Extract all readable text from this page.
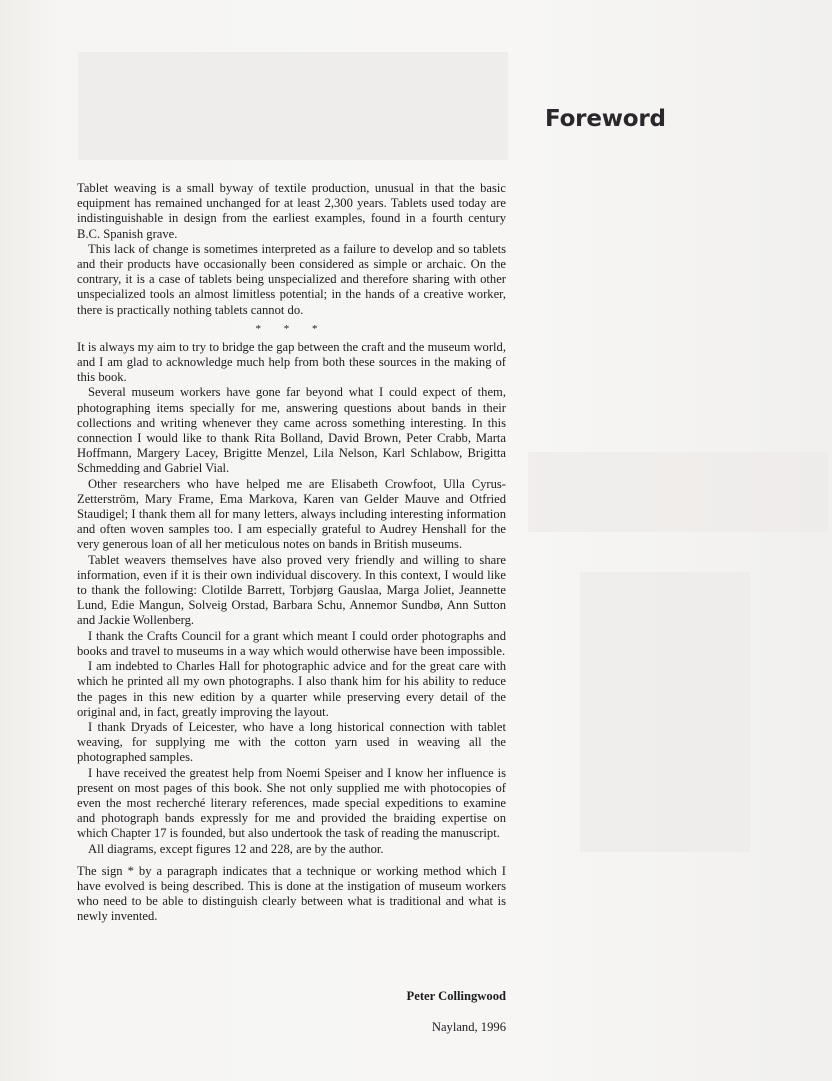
Foreword

Tablet weaving is a small byway of textile production, unusual in that the basic equipment has remained unchanged for at least 2,300 years. Tablets used today are indistinguishable in design from the earliest examples, found in a fourth century B.C. Spanish grave.

This lack of change is sometimes interpreted as a failure to develop and so tablets and their products have occasionally been considered as simple or archaic. On the contrary, it is a case of tablets being unspecialized and therefore sharing with other unspecialized tools an almost limitless potential; in the hands of a creative worker, there is practically nothing tablets cannot do.

* * *

It is always my aim to try to bridge the gap between the craft and the museum world, and I am glad to acknowledge much help from both these sources in the making of this book.

Several museum workers have gone far beyond what I could expect of them, photographing items specially for me, answering questions about bands in their collections and writing whenever they came across something interesting. In this connection I would like to thank Rita Bolland, David Brown, Peter Crabb, Marta Hoffmann, Margery Lacey, Brigitte Menzel, Lila Nelson, Karl Schlabow, Brigitta Schmedding and Gabriel Vial.

Other researchers who have helped me are Elisabeth Crowfoot, Ulla Cyrus-Zetterström, Mary Frame, Ema Markova, Karen van Gelder Mauve and Otfried Staudigel; I thank them all for many letters, always including interesting information and often woven samples too. I am especially grateful to Audrey Henshall for the very generous loan of all her meticulous notes on bands in British museums.

Tablet weavers themselves have also proved very friendly and willing to share information, even if it is their own individual discovery. In this context, I would like to thank the following: Clotilde Barrett, Torbjørg Gauslaa, Marga Joliet, Jeannette Lund, Edie Mangun, Solveig Orstad, Barbara Schu, Annemor Sundbø, Ann Sutton and Jackie Wollenberg.

I thank the Crafts Council for a grant which meant I could order photographs and books and travel to museums in a way which would otherwise have been impossible.

I am indebted to Charles Hall for photographic advice and for the great care with which he printed all my own photographs. I also thank him for his ability to reduce the pages in this new edition by a quarter while preserving every detail of the original and, in fact, greatly improving the layout.

I thank Dryads of Leicester, who have a long historical connection with tablet weaving, for supplying me with the cotton yarn used in weaving all the photographed samples.

I have received the greatest help from Noemi Speiser and I know her influence is present on most pages of this book. She not only supplied me with photocopies of even the most recherché literary references, made special expeditions to examine and photograph bands expressly for me and provided the braiding expertise on which Chapter 17 is founded, but also undertook the task of reading the manuscript.

All diagrams, except figures 12 and 228, are by the author.

The sign * by a paragraph indicates that a technique or working method which I have evolved is being described. This is done at the instigation of museum workers who need to be able to distinguish clearly between what is traditional and what is newly invented.

Peter Collingwood
Nayland, 1996
